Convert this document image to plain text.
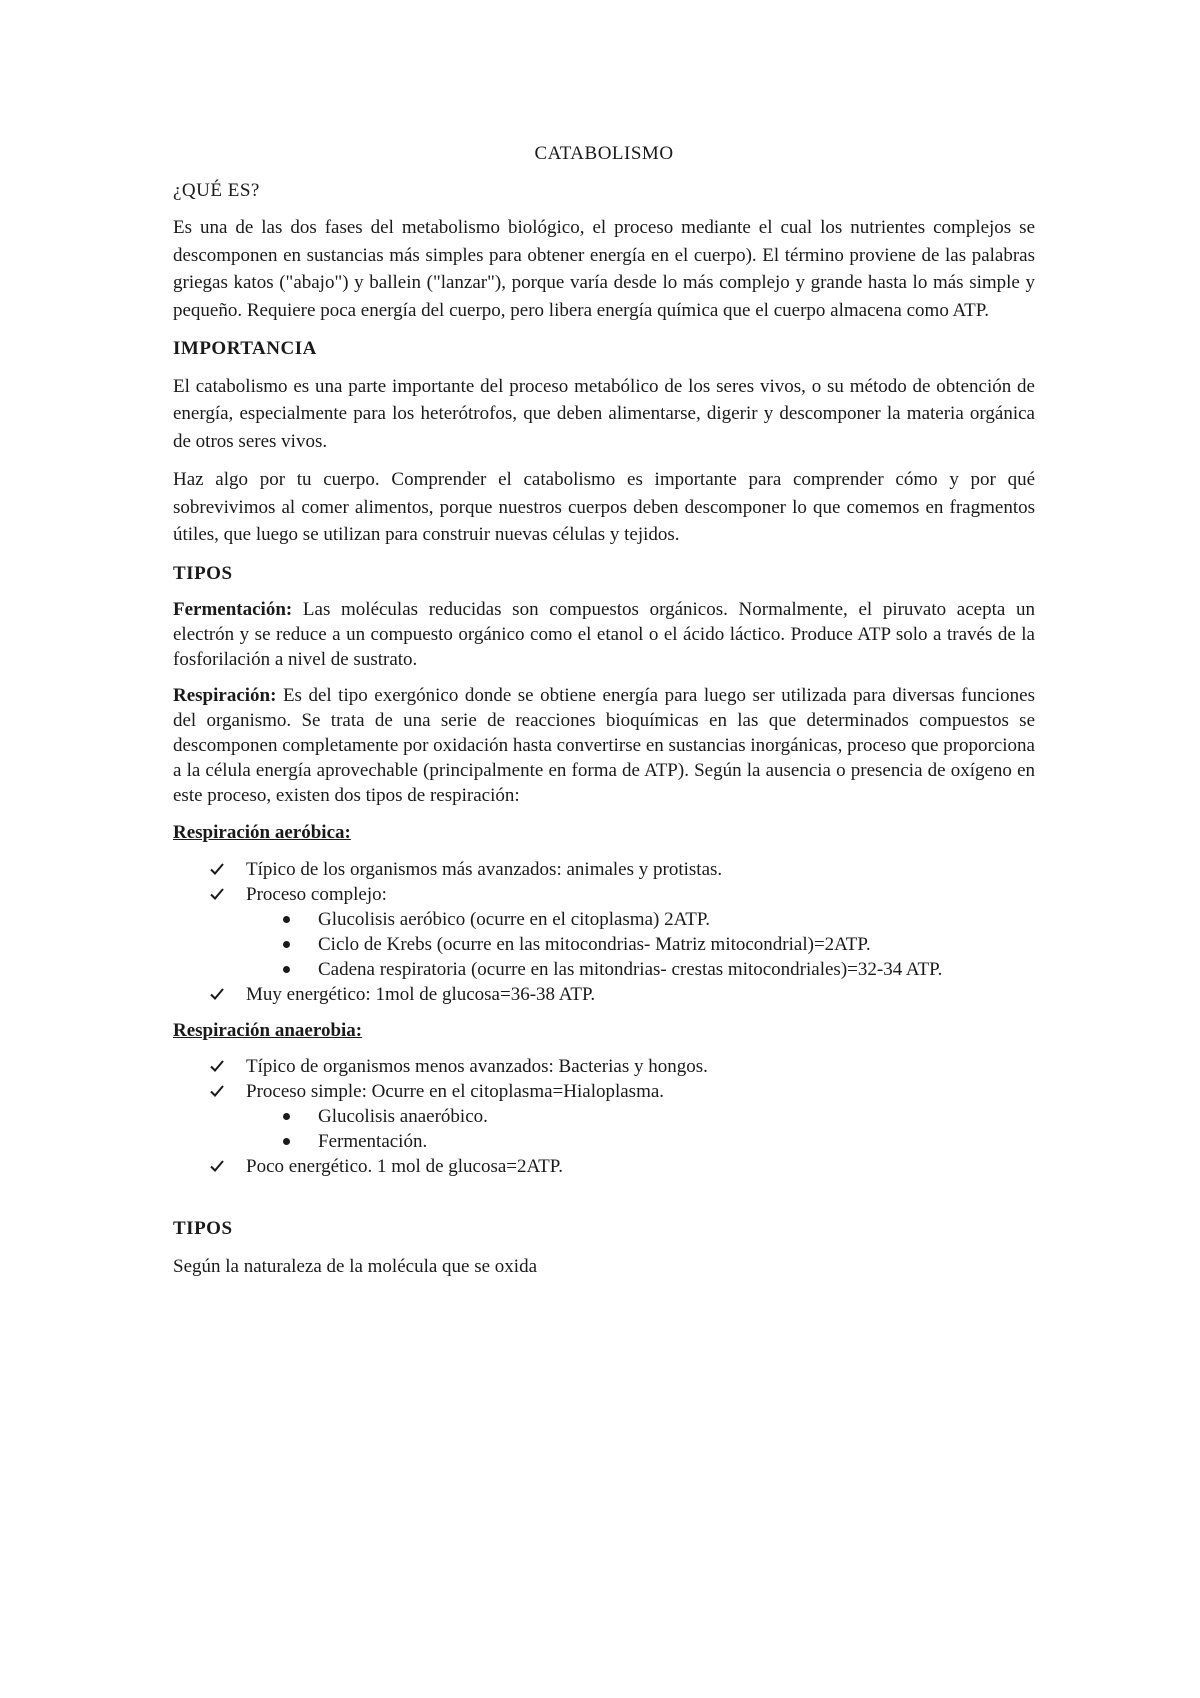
CATABOLISMO
¿QUÉ ES?

Es una de las dos fases del metabolismo biológico, el proceso mediante el cual los nutrientes complejos se descomponen en sustancias más simples para obtener energía en el cuerpo). El término proviene de las palabras griegas katos ("abajo") y ballein ("lanzar"), porque varía desde lo más complejo y grande hasta lo más simple y pequeño. Requiere poca energía del cuerpo, pero libera energía química que el cuerpo almacena como ATP.

IMPORTANCIA

El catabolismo es una parte importante del proceso metabólico de los seres vivos, o su método de obtención de energía, especialmente para los heterótrofos, que deben alimentarse, digerir y descomponer la materia orgánica de otros seres vivos.

Haz algo por tu cuerpo. Comprender el catabolismo es importante para comprender cómo y por qué sobrevivimos al comer alimentos, porque nuestros cuerpos deben descomponer lo que comemos en fragmentos útiles, que luego se utilizan para construir nuevas células y tejidos.

TIPOS

Fermentación: Las moléculas reducidas son compuestos orgánicos. Normalmente, el piruvato acepta un electrón y se reduce a un compuesto orgánico como el etanol o el ácido láctico. Produce ATP solo a través de la fosforilación a nivel de sustrato.

Respiración: Es del tipo exergónico donde se obtiene energía para luego ser utilizada para diversas funciones del organismo. Se trata de una serie de reacciones bioquímicas en las que determinados compuestos se descomponen completamente por oxidación hasta convertirse en sustancias inorgánicas, proceso que proporciona a la célula energía aprovechable (principalmente en forma de ATP). Según la ausencia o presencia de oxígeno en este proceso, existen dos tipos de respiración:

Respiración aeróbica:
Típico de los organismos más avanzados: animales y protistas.
Proceso complejo:
Glucolisis aeróbico (ocurre en el citoplasma) 2ATP.
Ciclo de Krebs (ocurre en las mitocondrias- Matriz mitocondrial)=2ATP.
Cadena respiratoria (ocurre en las mitondrias- crestas mitocondriales)=32-34 ATP.
Muy energético: 1mol de glucosa=36-38 ATP.
Respiración anaerobia:
Típico de organismos menos avanzados: Bacterias y hongos.
Proceso simple: Ocurre en el citoplasma=Hialoplasma.
Glucolisis anaeróbico.
Fermentación.
Poco energético. 1 mol de glucosa=2ATP.
TIPOS

Según la naturaleza de la molécula que se oxida
